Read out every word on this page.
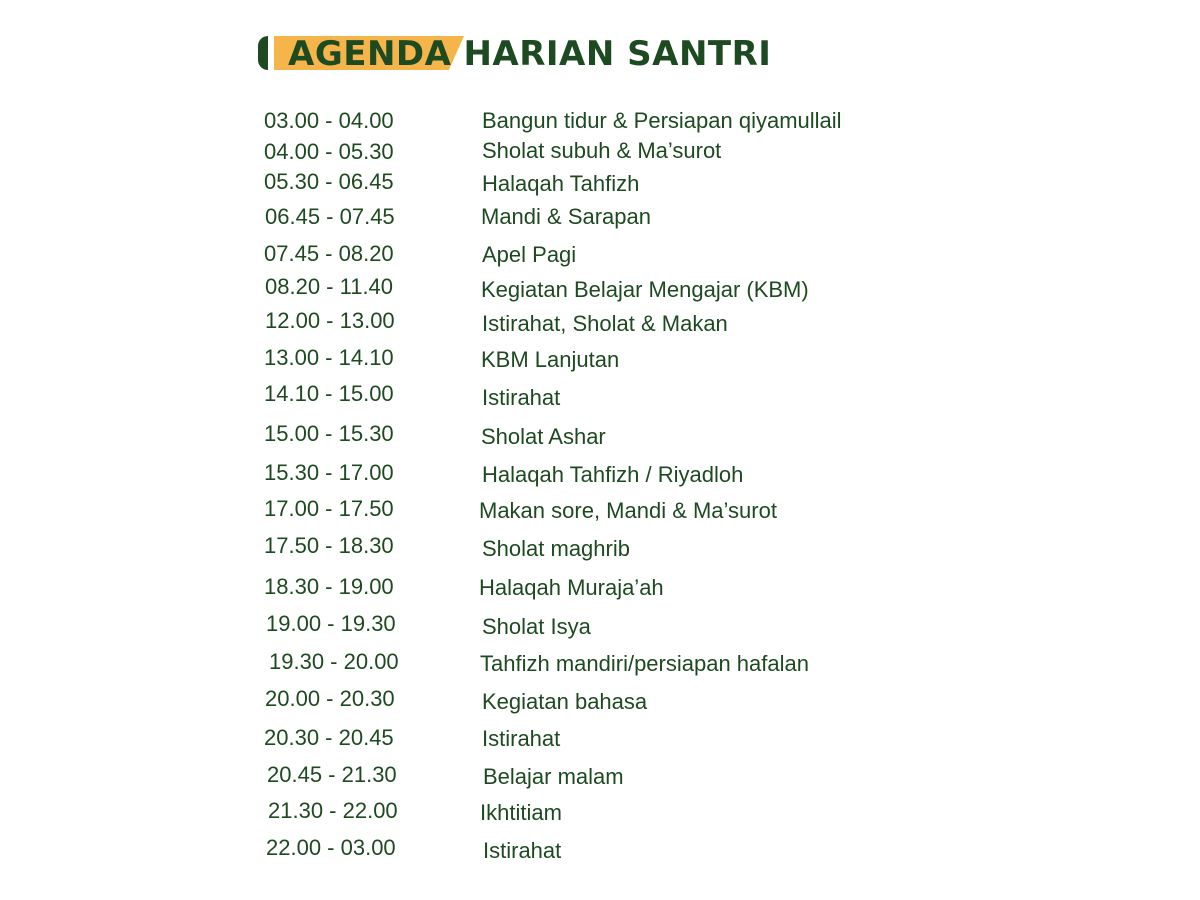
AGENDA HARIAN SANTRI
03.00 - 04.00	Bangun tidur & Persiapan qiyamullail
04.00 - 05.30	Sholat subuh & Ma’surot
05.30 - 06.45	Halaqah Tahfizh
06.45 - 07.45	Mandi & Sarapan
07.45 - 08.20	Apel Pagi
08.20 - 11.40	Kegiatan Belajar Mengajar (KBM)
12.00 - 13.00	Istirahat, Sholat & Makan
13.00 - 14.10	KBM Lanjutan
14.10 - 15.00	Istirahat
15.00 - 15.30	Sholat Ashar
15.30 - 17.00	Halaqah Tahfizh / Riyadloh
17.00 - 17.50	Makan sore, Mandi & Ma’surot
17.50 - 18.30	Sholat maghrib
18.30 - 19.00	Halaqah Muraja’ah
19.00 - 19.30	Sholat Isya
19.30 - 20.00	Tahfizh mandiri/persiapan hafalan
20.00 - 20.30	Kegiatan bahasa
20.30 - 20.45	Istirahat
20.45 - 21.30	Belajar malam
21.30 - 22.00	Ikhtitiam
22.00 - 03.00	Istirahat
